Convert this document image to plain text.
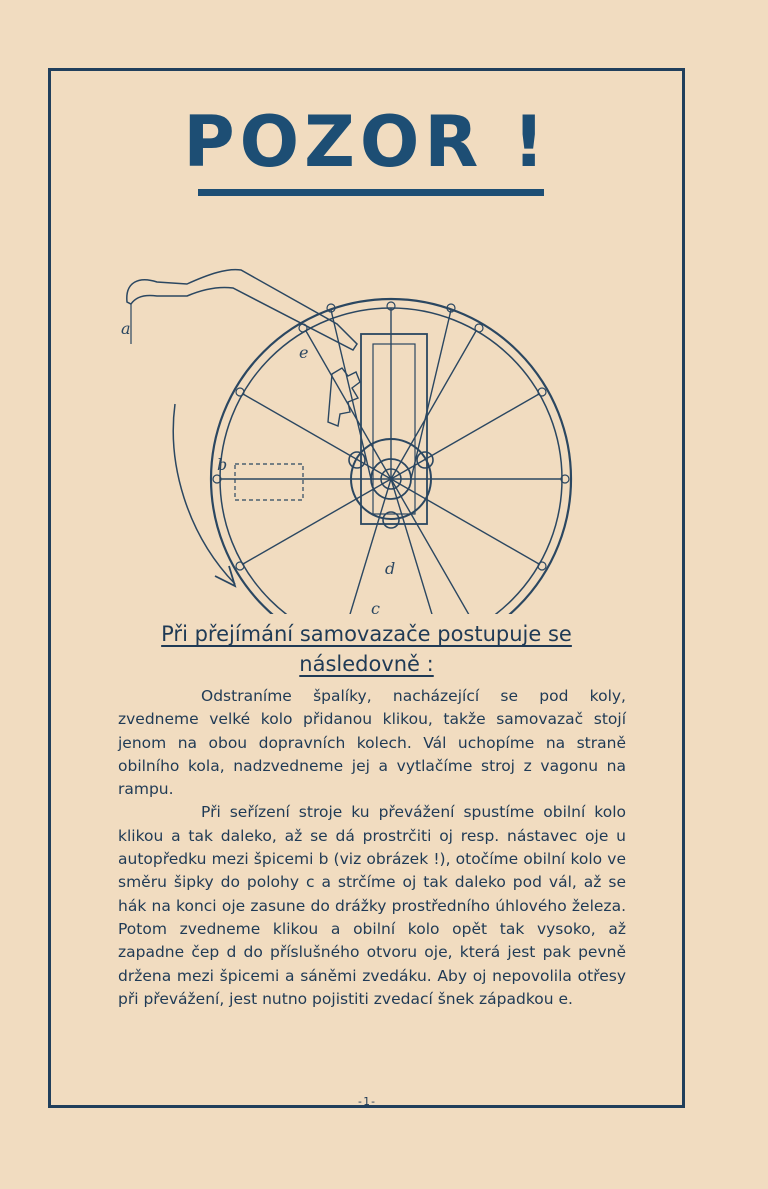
POZOR !
a
b
c
d
e
Při přejímání samovazače postupuje se
následovně :

Odstraníme špalíky, nacházející se pod koly, zvedneme velké kolo přidanou klikou, takže samovazač stojí jenom na obou dopravních kolech. Vál uchopíme na straně obilního kola, nadzvedneme jej a vytlačíme stroj z vagonu na rampu.

Při seřízení stroje ku převážení spustíme obilní kolo klikou a tak daleko, až se dá prostrčiti oj resp. nástavec oje u autopředku mezi špicemi b (viz obrázek !), otočíme obilní kolo ve směru šipky do polohy c a strčíme oj tak daleko pod vál, až se hák na konci oje zasune do drážky prostředního úhlového železa. Potom zvedneme klikou a obilní kolo opět tak vysoko, až zapadne čep d do příslušného otvoru oje, která jest pak pevně držena mezi špicemi a sáněmi zvedáku. Aby oj nepovolila otřesy při převážení, jest nutno pojistiti zvedací šnek západkou e.

-1-
